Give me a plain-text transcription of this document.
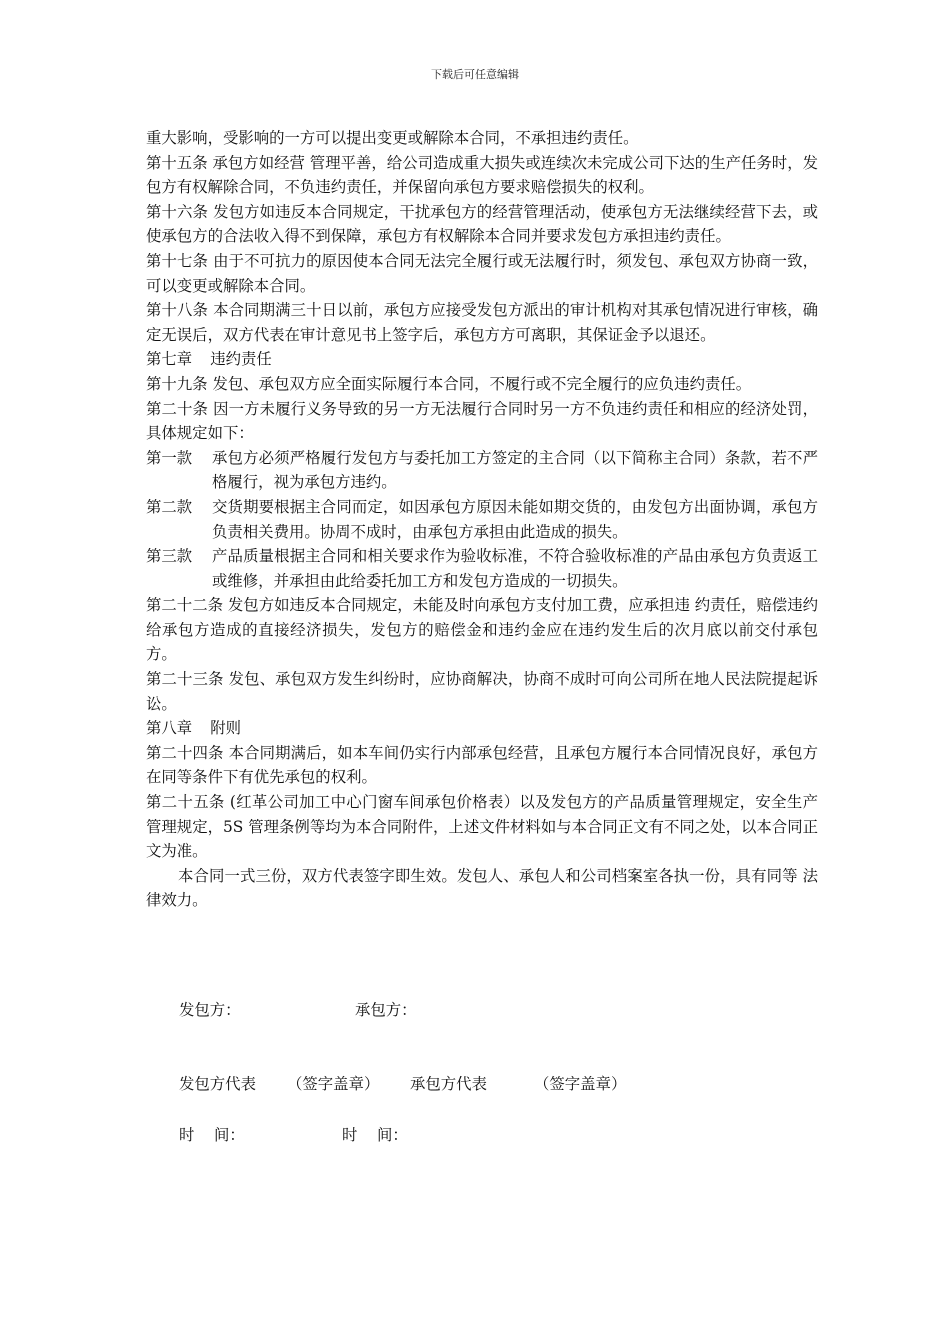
下载后可任意编辑

重大影响，受影响的一方可以提出变更或解除本合同，不承担违约责任。

第十五条 承包方如经营 管理平善，给公司造成重大损失或连续次未完成公司下达的生产任务时，发包方有权解除合同，不负违约责任，并保留向承包方要求赔偿损失的权利。

第十六条 发包方如违反本合同规定，干扰承包方的经营管理活动，使承包方无法继续经营下去，或使承包方的合法收入得不到保障，承包方有权解除本合同并要求发包方承担违约责任。

第十七条 由于不可抗力的原因使本合同无法完全履行或无法履行时，须发包、承包双方协商一致，可以变更或解除本合同。

第十八条 本合同期满三十日以前，承包方应接受发包方派出的审计机构对其承包情况进行审核，确定无误后，双方代表在审计意见书上签字后，承包方方可离职，其保证金予以退还。

第七章 违约责任

第十九条 发包、承包双方应全面实际履行本合同，不履行或不完全履行的应负违约责任。

第二十条 因一方未履行义务导致的另一方无法履行合同时另一方不负违约责任和相应的经济处罚，具体规定如下：

第一款	承包方必须严格履行发包方与委托加工方签定的主合同（以下简称主合同）条款，若不严格履行，视为承包方违约。
第二款	交货期要根据主合同而定，如因承包方原因未能如期交货的，由发包方出面协调，承包方负责相关费用。协周不成时，由承包方承担由此造成的损失。
第三款	产品质量根据主合同和相关要求作为验收标准，不符合验收标准的产品由承包方负责返工或维修，并承担由此给委托加工方和发包方造成的一切损失。

第二十二条 发包方如违反本合同规定，未能及时向承包方支付加工费，应承担违 约责任，赔偿违约给承包方造成的直接经济损失，发包方的赔偿金和违约金应在违约发生后的次月底以前交付承包方。

第二十三条 发包、承包双方发生纠纷时，应协商解决，协商不成时可向公司所在地人民法院提起诉讼。

第八章 附则

第二十四条 本合同期满后，如本车间仍实行内部承包经营，且承包方履行本合同情况良好，承包方在同等条件下有优先承包的权利。

第二十五条 (红革公司加工中心门窗车间承包价格表）以及发包方的产品质量管理规定，安全生产管理规定，5S 管理条例等均为本合同附件，上述文件材料如与本合同正文有不同之处，以本合同正文为准。

本合同一式三份，双方代表签字即生效。发包人、承包人和公司档案室各执一份，具有同等 法律效力。

发包方：	承包方：
发包方代表 （签字盖章） 承包方代表	（签字盖章）
时    间：	时    间：
